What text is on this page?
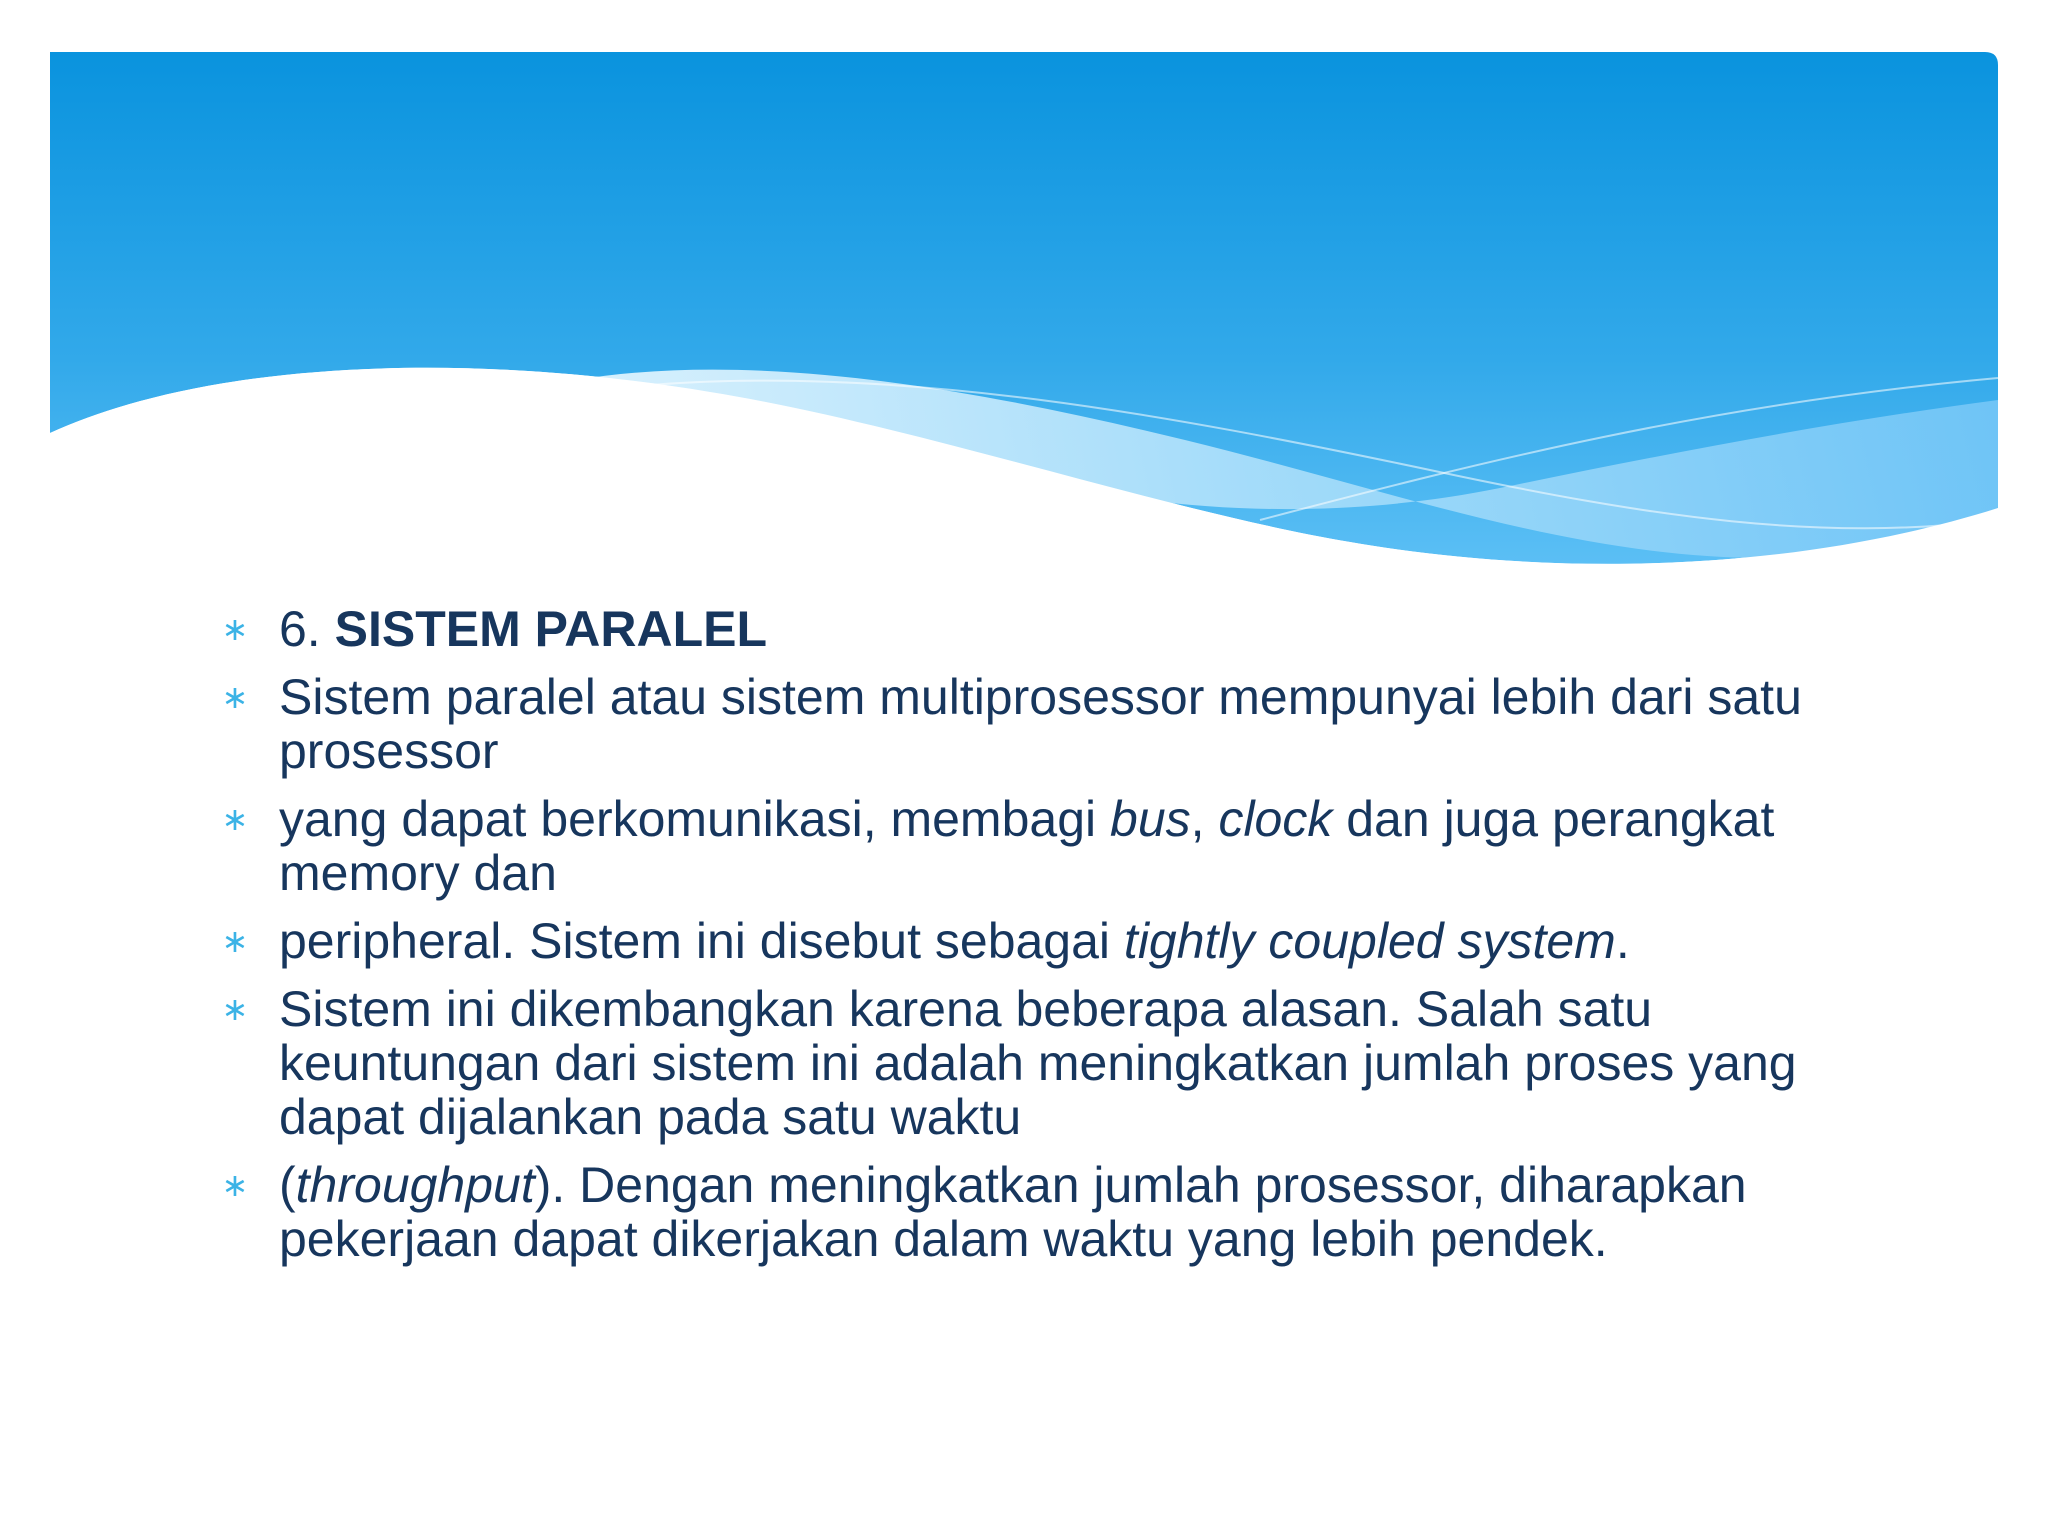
∗ 6. SISTEM PARALEL
∗ Sistem paralel atau sistem multiprosessor mempunyai lebih dari satu prosessor
∗ yang dapat berkomunikasi, membagi bus, clock dan juga perangkat memory dan
∗ peripheral. Sistem ini disebut sebagai tightly coupled system.
∗ Sistem ini dikembangkan karena beberapa alasan. Salah satu keuntungan dari sistem ini adalah meningkatkan jumlah proses yang dapat dijalankan pada satu waktu
∗ (throughput). Dengan meningkatkan jumlah prosessor, diharapkan pekerjaan dapat dikerjakan dalam waktu yang lebih pendek.
